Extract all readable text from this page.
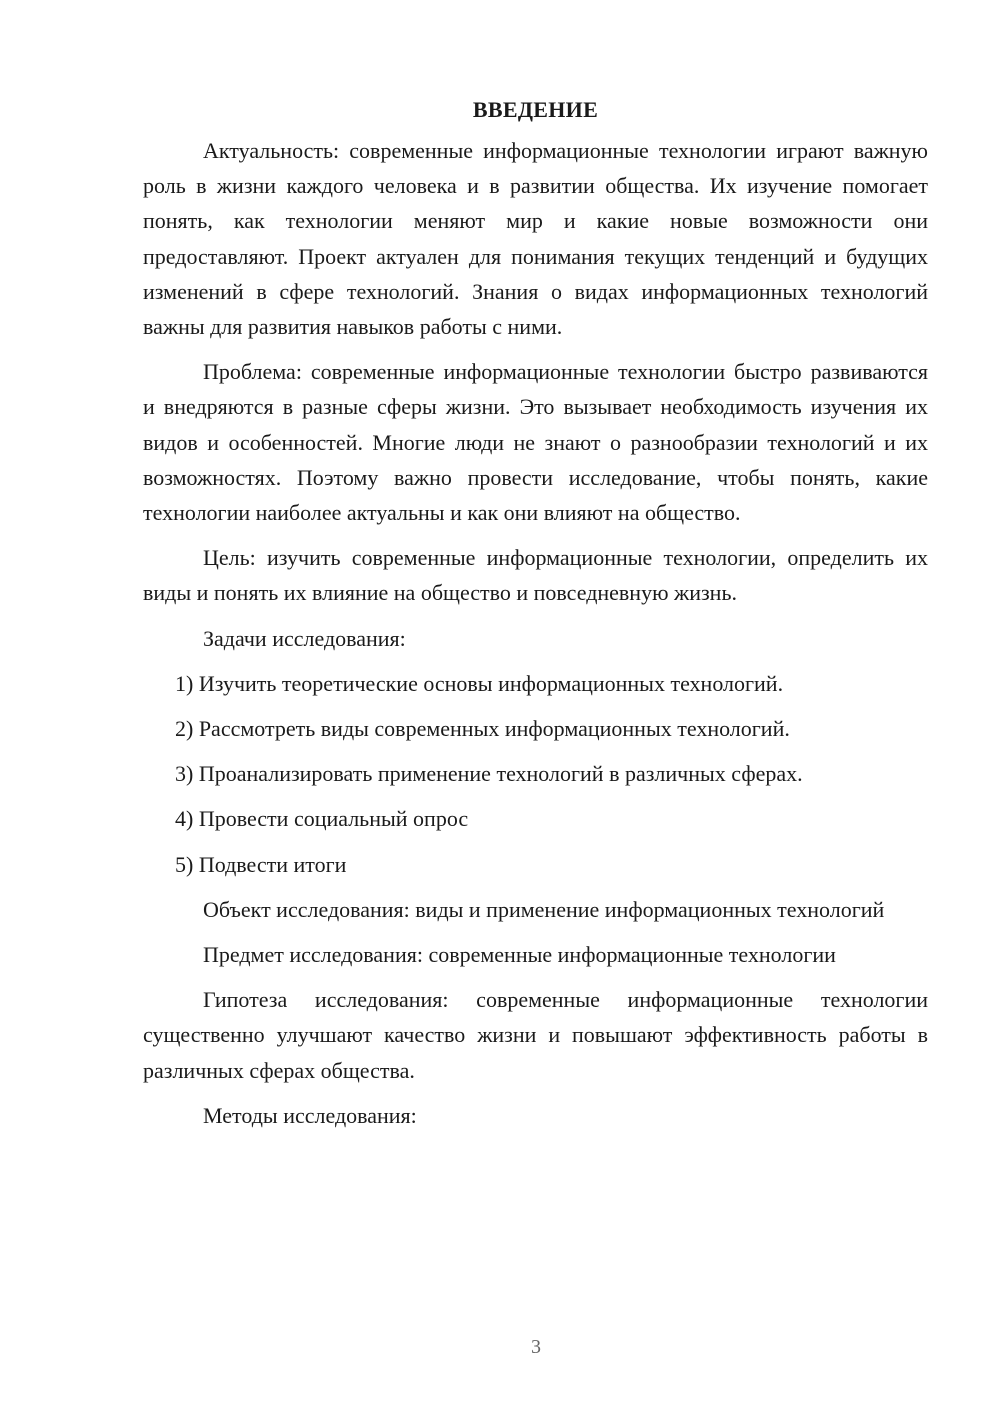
ВВЕДЕНИЕ

Актуальность: современные информационные технологии играют важную роль в жизни каждого человека и в развитии общества. Их изучение помогает понять, как технологии меняют мир и какие новые возможности они предоставляют. Проект актуален для понимания текущих тенденций и будущих изменений в сфере технологий. Знания о видах информационных технологий важны для развития навыков работы с ними.

Проблема: современные информационные технологии быстро развиваются и внедряются в разные сферы жизни. Это вызывает необходимость изучения их видов и особенностей. Многие люди не знают о разнообразии технологий и их возможностях. Поэтому важно провести исследование, чтобы понять, какие технологии наиболее актуальны и как они влияют на общество.

Цель: изучить современные информационные технологии, определить их виды и понять их влияние на общество и повседневную жизнь.

Задачи исследования:

1) Изучить теоретические основы информационных технологий.

2) Рассмотреть виды современных информационных технологий.

3) Проанализировать применение технологий в различных сферах.

4) Провести социальный опрос

5) Подвести итоги

Объект исследования: виды и применение информационных технологий

Предмет исследования: современные информационные технологии

Гипотеза исследования: современные информационные технологии существенно улучшают качество жизни и повышают эффективность работы в различных сферах общества.

Методы исследования:

3
